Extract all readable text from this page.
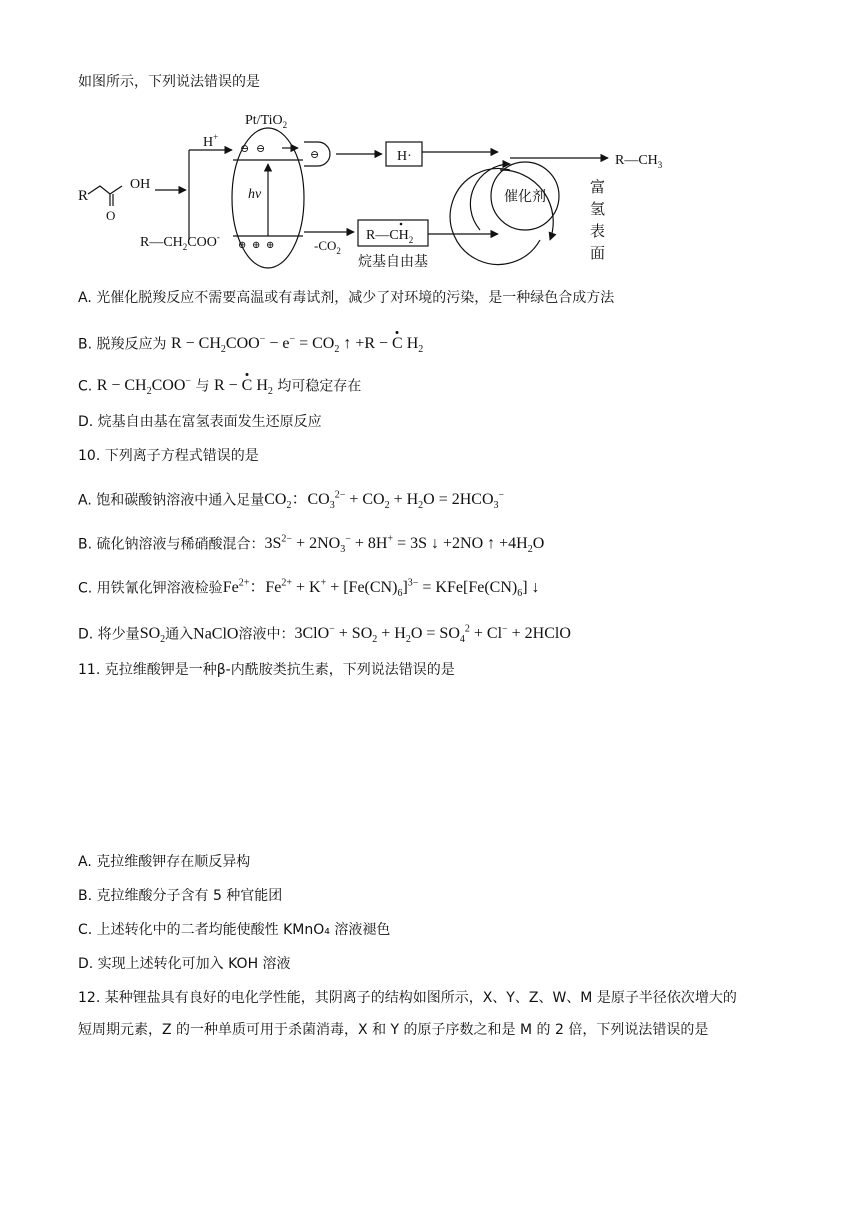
如图所示，下列说法错误的是
Pt/TiO$_2$
H+
⊖ ⊖	⊖
hv
⊕ ⊕ ⊕
R
OH
O
$R—CH_2COO^-$
H·
$-CO_2$
$R—CH_2$
烷基自由基
催化剂
$R—CH_3$
富
氢
表
面
A. 光催化脱羧反应不需要高温或有毒试剂，减少了对环境的污染，是一种绿色合成方法
B. 脱羧反应为 $R - CH_2COO^- - e^- = CO_2$ ↑ +R − C $H_2$
C. $R - CH_2COO^-$ 与 R − C $H_2$ 均可稳定存在
D. 烷基自由基在富氢表面发生还原反应
10. 下列离子方程式错误的是
A. 饱和碳酸钠溶液中通入足量$CO_2$：$CO_3^{2-} + CO_2 + H_2O = 2HCO_3^-$
B. 硫化钠溶液与稀硝酸混合：$3S^{2-} + 2NO_3^- + 8H^+ = 3S$ ↓ +2NO ↑ $+4H_2O$
C. 用铁氰化钾溶液检验$Fe^{2+}$：$Fe^{2+} + K^+ + [Fe(CN)_6]^{3-} = KFe[Fe(CN)_6]$ ↓
D. 将少量$SO_2$通入NaClO溶液中：$3ClO^- + SO_2 + H_2O = SO_4^2 + Cl^-$ + 2HClO
11. 克拉维酸钾是一种β-内酰胺类抗生素，下列说法错误的是
A. 克拉维酸钾存在顺反异构
B. 克拉维酸分子含有 5 种官能团
C. 上述转化中的二者均能使酸性 KMnO₄ 溶液褪色
D. 实现上述转化可加入 KOH 溶液
12. 某种锂盐具有良好的电化学性能，其阴离子的结构如图所示，X、Y、Z、W、M 是原子半径依次增大的
短周期元素，Z 的一种单质可用于杀菌消毒，X 和 Y 的原子序数之和是 M 的 2 倍，下列说法错误的是
